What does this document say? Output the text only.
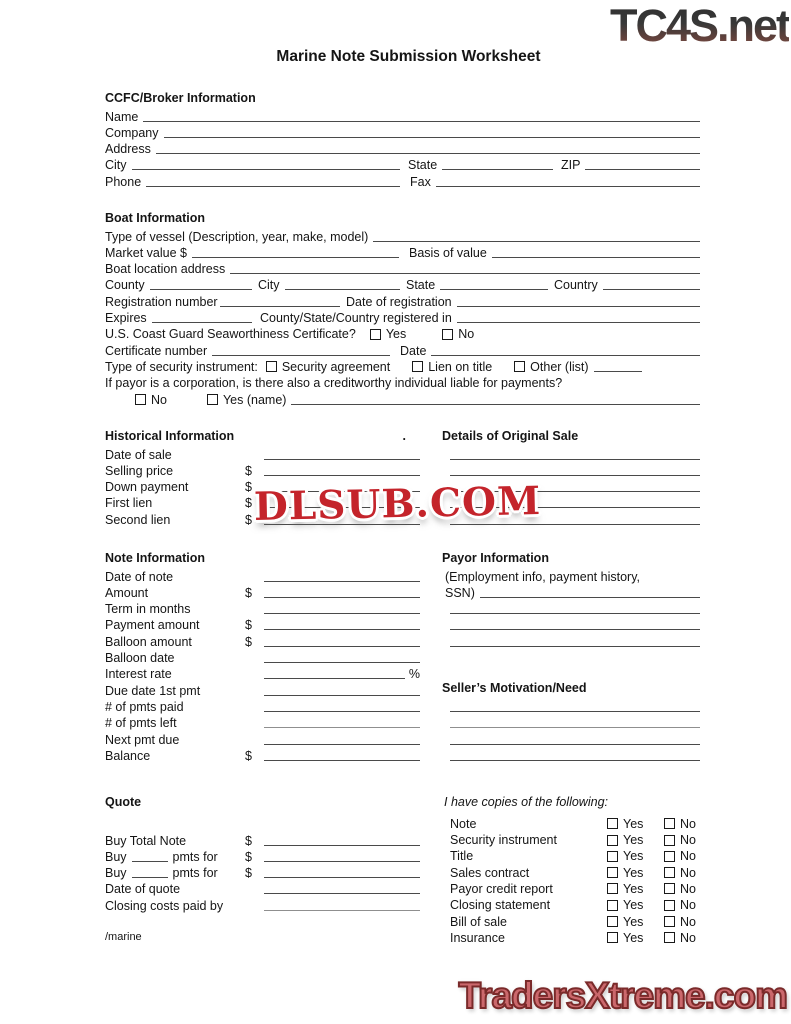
TC4S.net
DLSUB.COM
TradersXtreme.com
Marine Note Submission Worksheet
CCFC/Broker Information
Name
Company
Address
City	State	ZIP
Phone	Fax
Boat Information
Type of vessel (Description, year, make, model)
Market value $	Basis of value
Boat location address
County	City	State	Country
Registration number	Date of registration
Expires	County/State/Country registered in
U.S. Coast Guard Seaworthiness Certificate? Yes	No
Certificate number	Date
Type of security instrument: Security agreement	Lien on title	Other (list)
If payor is a corporation, is there also a creditworthy individual liable for payments?
No	Yes (name)
Historical Information	.
Date of sale
Selling price	$
Down payment	$
First lien	$
Second lien	$
Details of Original Sale
Note Information
Date of note
Amount	$
Term in months
Payment amount	$
Balloon amount	$
Balloon date
Interest rate	%
Due date 1st pmt
# of pmts paid
# of pmts left
Next pmt due
Balance	$
Payor Information
(Employment info, payment history,
SSN)
Seller’s Motivation/Need
Quote
Buy Total Note	$
Buy	pmts for $
Buy	pmts for $
Date of quote
Closing costs paid by
I have copies of the following:
Note	Yes	No
Security instrument	Yes	No
Title	Yes	No
Sales contract	Yes	No
Payor credit report	Yes	No
Closing statement	Yes	No
Bill of sale	Yes	No
Insurance	Yes	No
/marine
